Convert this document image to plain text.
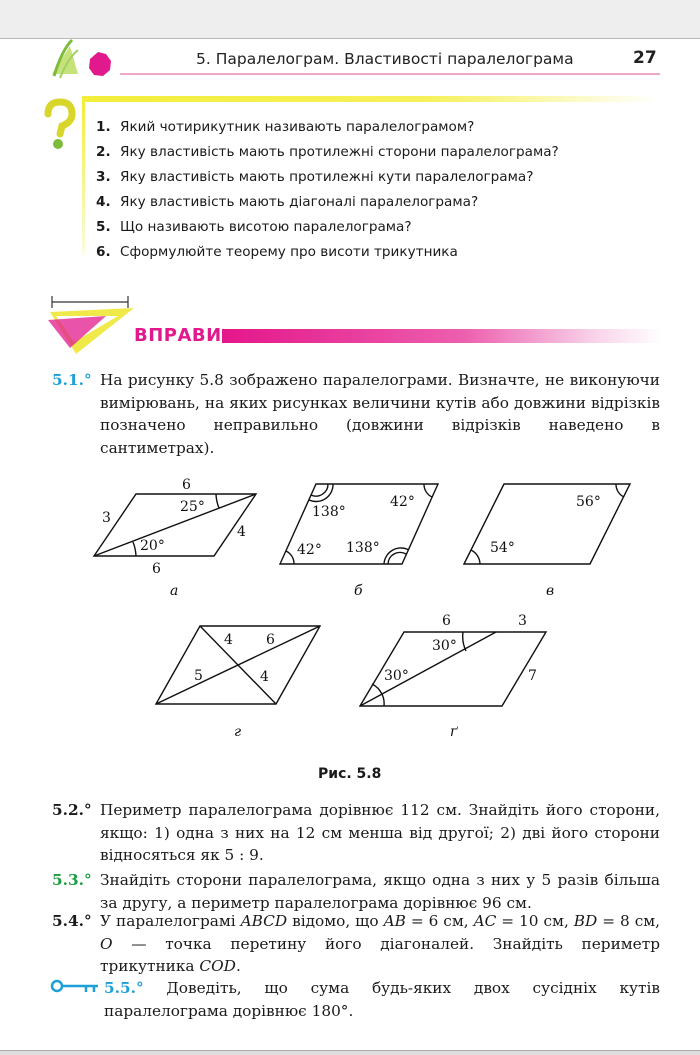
5. Паралелограм. Властивості паралелограма	27
1. Який чотирикутник називають паралелограмом?
2. Яку властивість мають протилежні сторони паралелограма?
3. Яку властивість мають протилежні кути паралелограма?
4. Яку властивість мають діагоналі паралелограма?
5. Що називають висотою паралелограма?
6. Сформулюйте теорему про висоти трикутника
ВПРАВИ
5.1.° На рисунку 5.8 зображено паралелограми. Визначте, не виконуючи вимірювань, на яких рисунках величини кутів або довжини відрізків позначено неправильно (довжини відрізків наведено в сантиметрах).
6
6
3
4
25°
20°
а
138°
42°
42° 138°
б
56°
54°
в
4 6
5	4
г
6	3
7
30°
30°
ґ
Рис. 5.8
5.2.° Периметр паралелограма дорівнює 112 см. Знайдіть його сторони, якщо: 1) одна з них на 12 см менша від другої; 2) дві його сторони відносяться як 5 : 9.
5.3.° Знайдіть сторони паралелограма, якщо одна з них у 5 разів більша за другу, а периметр паралелограма дорівнює 96 см.
5.4.° У паралелограмі ABCD відомо, що AB = 6 см, AC = 10 см, BD = 8 см, O — точка перетину його діагоналей. Знайдіть периметр трикутника COD.
5.5.° Доведіть, що сума будь-яких двох сусідніх кутів паралелограма дорівнює 180°.
